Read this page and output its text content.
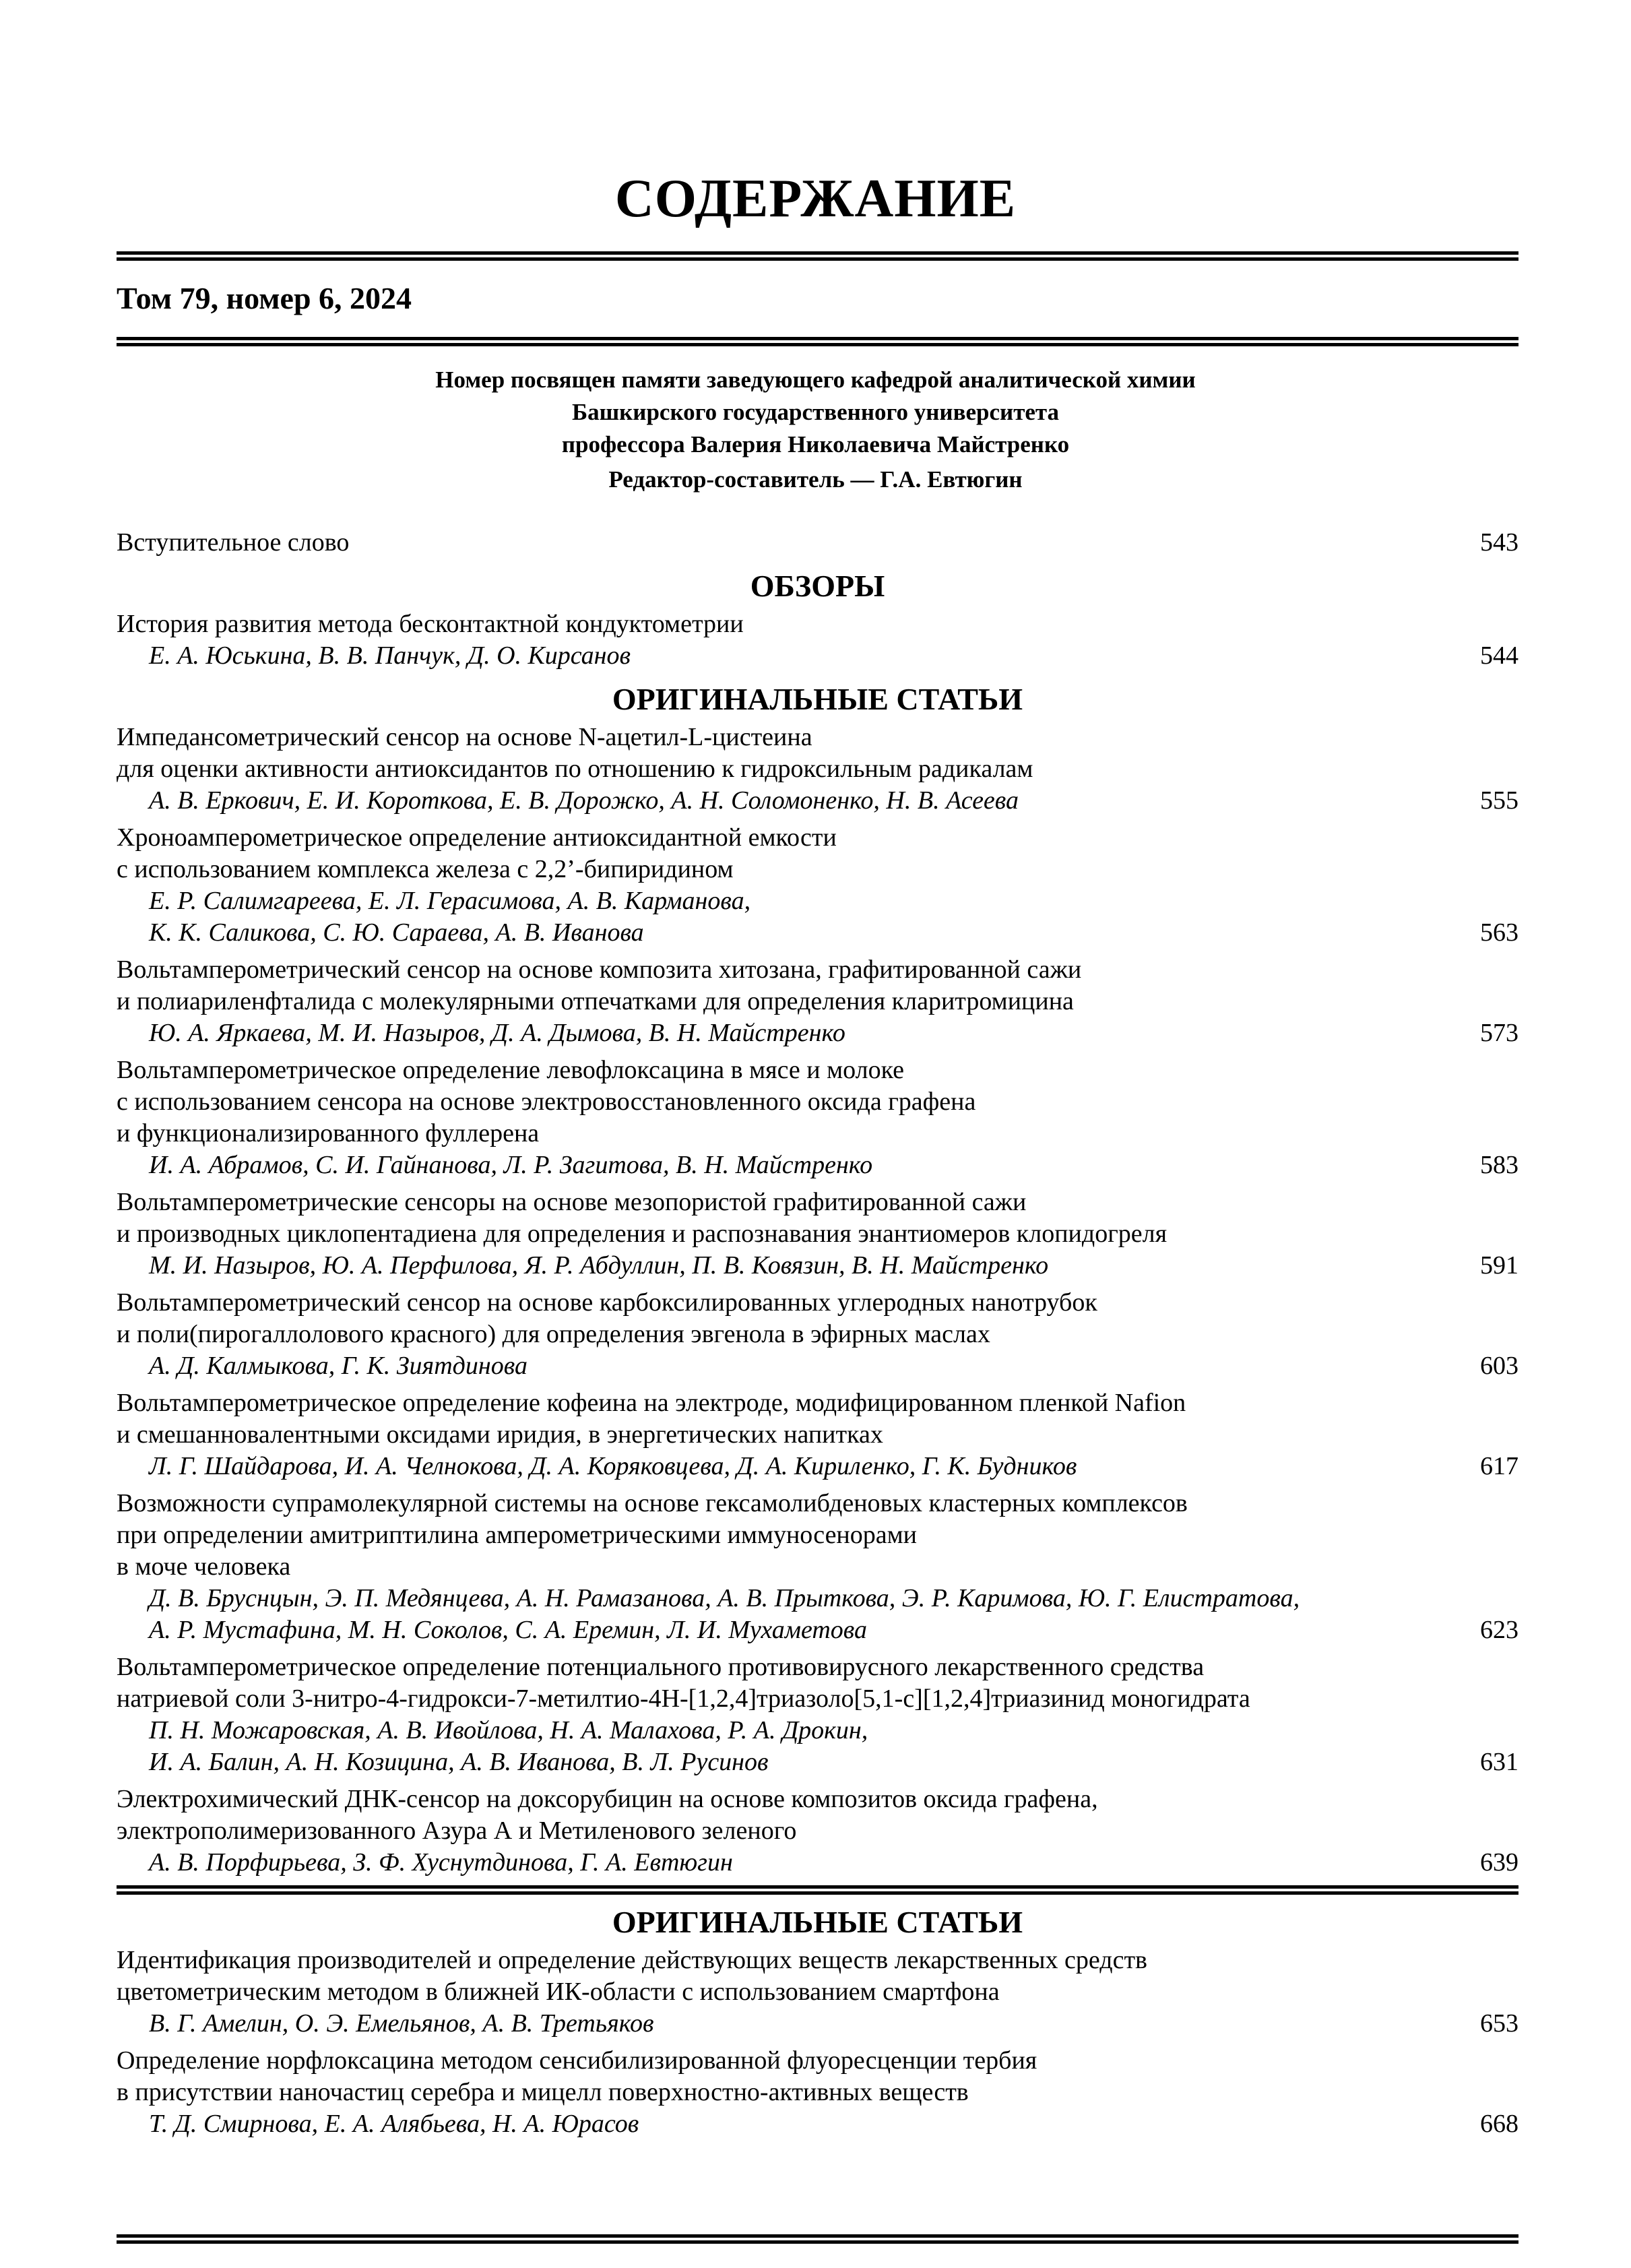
СОДЕРЖАНИЕ
Том 79, номер 6, 2024
Номер посвящен памяти заведующего кафедрой аналитической химии
Башкирского государственного университета
профессора Валерия Николаевича Майстренко
Редактор-составитель — Г.А. Евтюгин
Вступительное слово	543
ОБЗОРЫ
История развития метода бесконтактной кондуктометрии
Е. А. Юськина, В. В. Панчук, Д. О. Кирсанов	544
ОРИГИНАЛЬНЫЕ СТАТЬИ
Импедансометрический сенсор на основе N-ацетил-L-цистеина
для оценки активности антиоксидантов по отношению к гидроксильным радикалам
А. В. Еркович, Е. И. Короткова, Е. В. Дорожко, А. Н. Соломоненко, Н. В. Асеева	555
Хроноамперометрическое определение антиоксидантной емкости
с использованием комплекса железа с 2,2’-бипиридином
Е. Р. Салимгареева, Е. Л. Герасимова, А. В. Карманова,
К. К. Саликова, С. Ю. Сараева, А. В. Иванова	563
Вольтамперометрический сенсор на основе композита хитозана, графитированной сажи
и полиариленфталида с молекулярными отпечатками для определения кларитромицина
Ю. А. Яркаева, М. И. Назыров, Д. А. Дымова, В. Н. Майстренко	573
Вольтамперометрическое определение левофлоксацина в мясе и молоке
с использованием сенсора на основе электровосстановленного оксида графена
и функционализированного фуллерена
И. А. Абрамов, С. И. Гайнанова, Л. Р. Загитова, В. Н. Майстренко	583
Вольтамперометрические сенсоры на основе мезопористой графитированной сажи
и производных циклопентадиена для определения и распознавания энантиомеров клопидогреля
М. И. Назыров, Ю. А. Перфилова, Я. Р. Абдуллин, П. В. Ковязин, В. Н. Майстренко	591
Вольтамперометрический сенсор на основе карбоксилированных углеродных нанотрубок
и поли(пирогаллолового красного) для определения эвгенола в эфирных маслах
А. Д. Калмыкова, Г. К. Зиятдинова	603
Вольтамперометрическое определение кофеина на электроде, модифицированном пленкой Nafion
и смешанновалентными оксидами иридия, в энергетических напитках
Л. Г. Шайдарова, И. А. Челнокова, Д. А. Коряковцева, Д. А. Кириленко, Г. К. Будников	617
Возможности супрамолекулярной системы на основе гексамолибденовых кластерных комплексов
при определении амитриптилина амперометрическими иммуносенорами
в моче человека
Д. В. Бруснцын, Э. П. Медянцева, А. Н. Рамазанова, А. В. Прыткова, Э. Р. Каримова, Ю. Г. Елистратова,
А. Р. Мустафина, М. Н. Соколов, С. А. Еремин, Л. И. Мухаметова	623
Вольтамперометрическое определение потенциального противовирусного лекарственного средства
натриевой соли 3-нитро-4-гидрокси-7-метилтио-4Н-[1,2,4]триазоло[5,1-c][1,2,4]триазинид моногидрата
П. Н. Можаровская, А. В. Ивойлова, Н. А. Малахова, Р. А. Дрокин,
И. А. Балин, А. Н. Козицина, А. В. Иванова, В. Л. Русинов	631
Электрохимический ДНК-сенсор на доксорубицин на основе композитов оксида графена,
электрополимеризованного Азура А и Метиленового зеленого
А. В. Порфирьева, З. Ф. Хуснутдинова, Г. А. Евтюгин	639
ОРИГИНАЛЬНЫЕ СТАТЬИ
Идентификация производителей и определение действующих веществ лекарственных средств
цветометрическим методом в ближней ИК-области с использованием смартфона
В. Г. Амелин, О. Э. Емельянов, А. В. Третьяков	653
Определение норфлоксацина методом сенсибилизированной флуоресценции тербия
в присутствии наночастиц серебра и мицелл поверхностно-активных веществ
Т. Д. Смирнова, Е. А. Алябьева, Н. А. Юрасов	668
